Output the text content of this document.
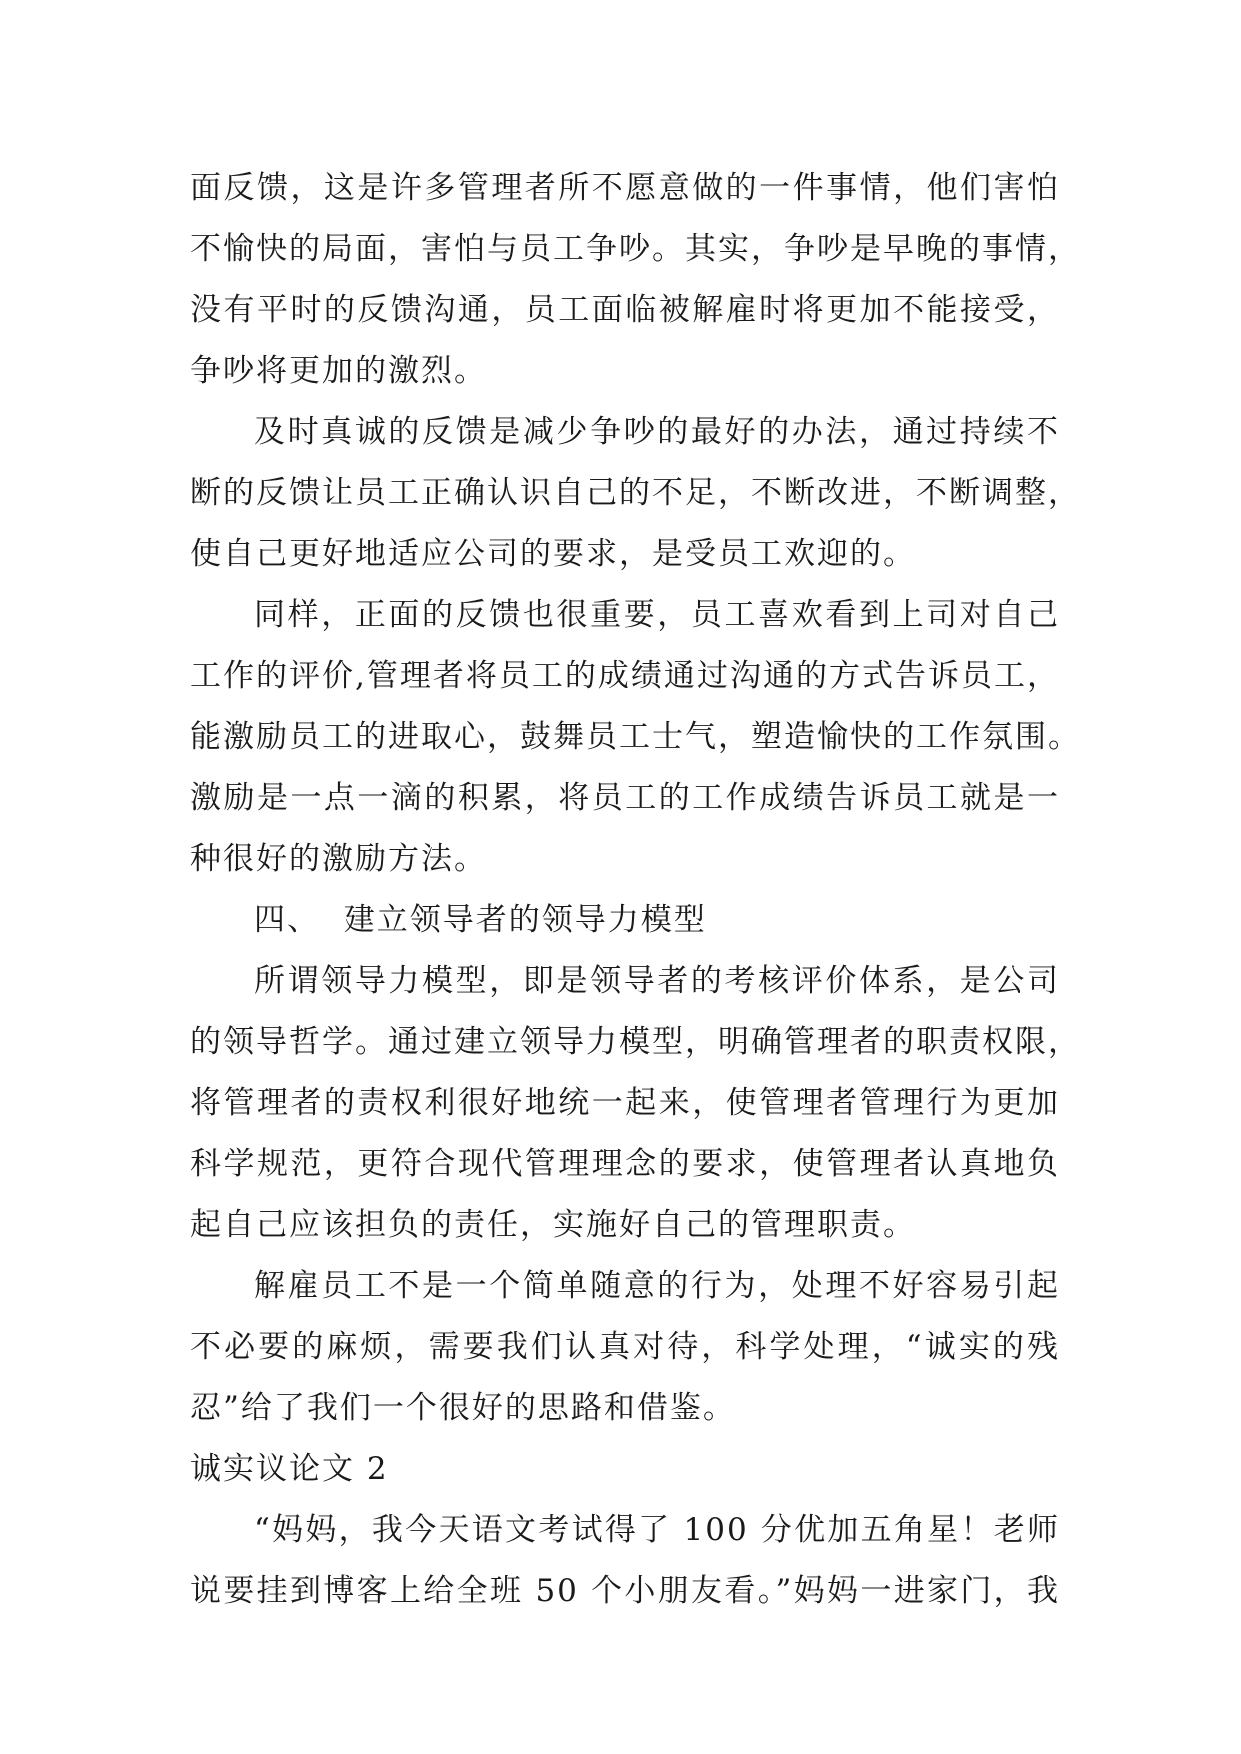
面反馈，这是许多管理者所不愿意做的一件事情，他们害怕
不愉快的局面，害怕与员工争吵。其实，争吵是早晚的事情，
没有平时的反馈沟通，员工面临被解雇时将更加不能接受，
争吵将更加的激烈。
及时真诚的反馈是减少争吵的最好的办法，通过持续不
断的反馈让员工正确认识自己的不足，不断改进，不断调整，
使自己更好地适应公司的要求，是受员工欢迎的。
同样，正面的反馈也很重要，员工喜欢看到上司对自己
工作的评价,管理者将员工的成绩通过沟通的方式告诉员工，
能激励员工的进取心，鼓舞员工士气，塑造愉快的工作氛围。
激励是一点一滴的积累，将员工的工作成绩告诉员工就是一
种很好的激励方法。
四、  建立领导者的领导力模型
所谓领导力模型，即是领导者的考核评价体系，是公司
的领导哲学。通过建立领导力模型，明确管理者的职责权限，
将管理者的责权利很好地统一起来，使管理者管理行为更加
科学规范，更符合现代管理理念的要求，使管理者认真地负
起自己应该担负的责任，实施好自己的管理职责。
解雇员工不是一个简单随意的行为，处理不好容易引起
不必要的麻烦，需要我们认真对待，科学处理，“诚实的残
忍”给了我们一个很好的思路和借鉴。
诚实议论文 2
“妈妈，我今天语文考试得了 100 分优加五角星！老师
说要挂到博客上给全班 50 个小朋友看。”妈妈一进家门，我
